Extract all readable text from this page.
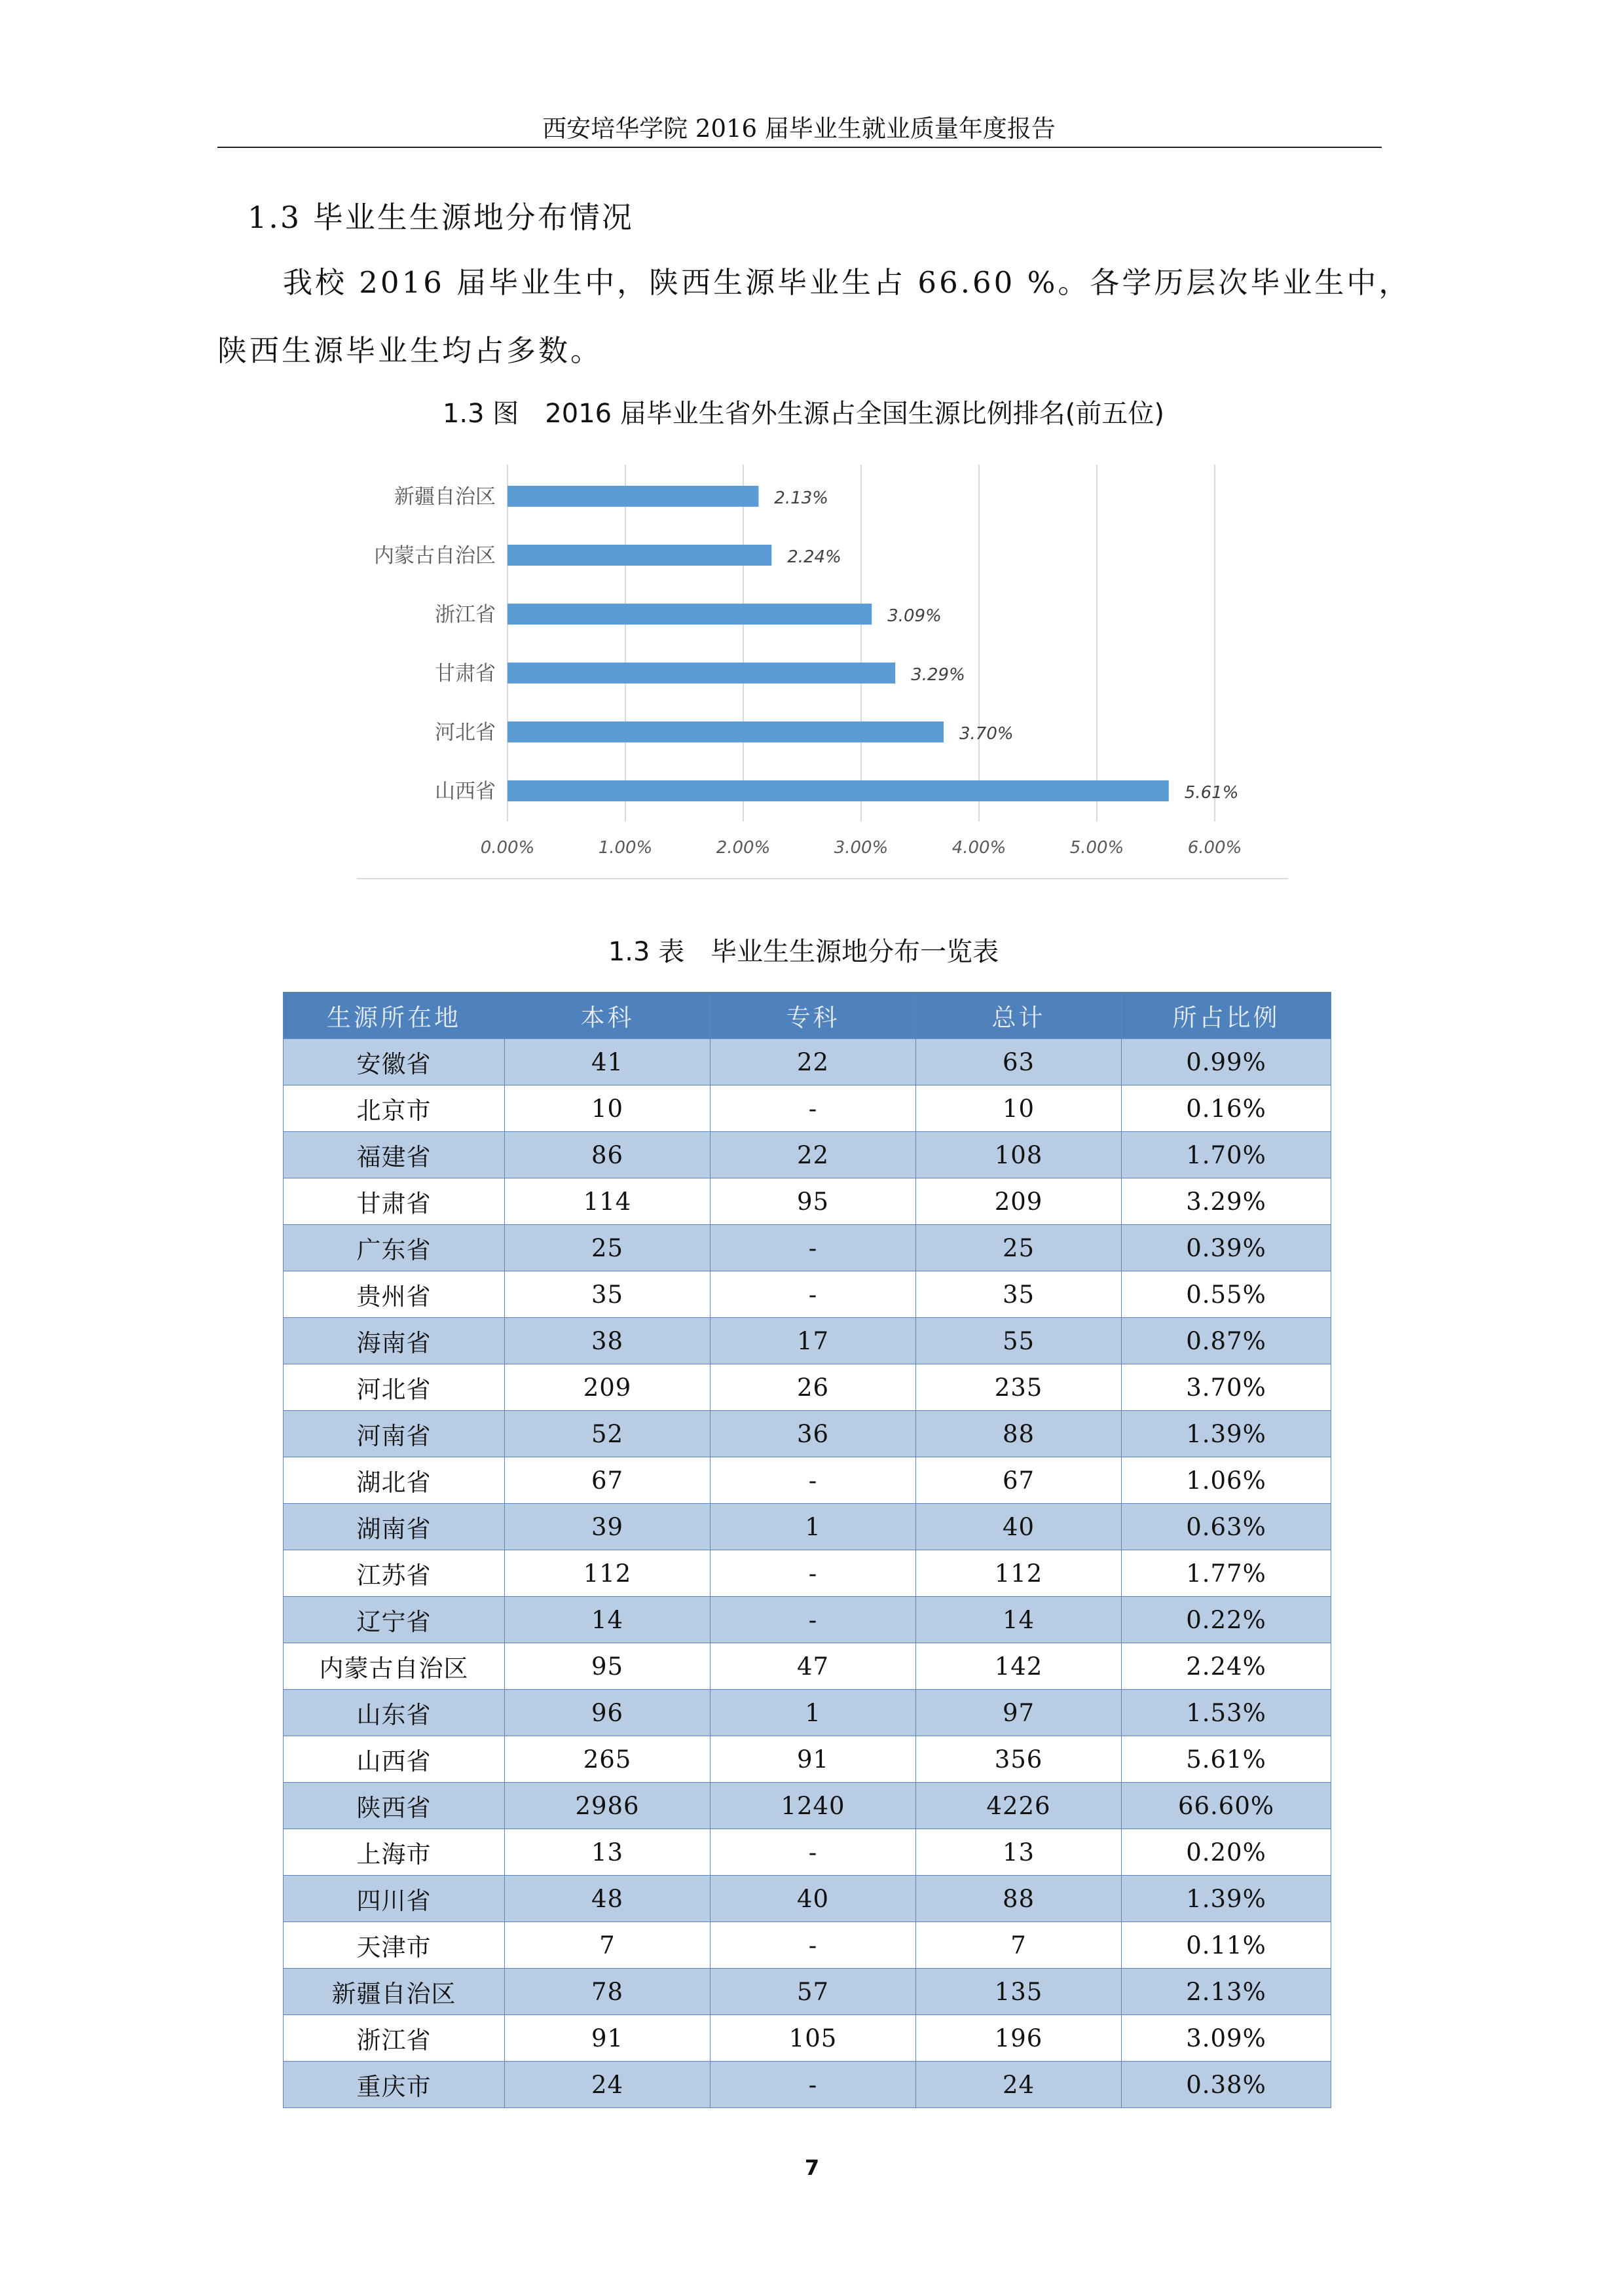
西安培华学院 2016 届毕业生就业质量年度报告
1.3 毕业生生源地分布情况
我校 2016 届毕业生中，陕西生源毕业生占 66.60 %。各学历层次毕业生中，
陕西生源毕业生均占多数。
1.3 图　2016 届毕业生省外生源占全国生源比例排名(前五位)
0.00%	1.00%	2.00%	3.00%	4.00%	5.00%	6.00%
新疆自治区	2.13%
内蒙古自治区	2.24%
浙江省	3.09%
甘肃省	3.29%
河北省	3.70%
山西省	5.61%
1.3 表　毕业生生源地分布一览表
生源所在地	本科	专科	总计	所占比例
安徽省	41	22	63	0.99%
北京市	10	-	10	0.16%
福建省	86	22	108	1.70%
甘肃省	114	95	209	3.29%
广东省	25	-	25	0.39%
贵州省	35	-	35	0.55%
海南省	38	17	55	0.87%
河北省	209	26	235	3.70%
河南省	52	36	88	1.39%
湖北省	67	-	67	1.06%
湖南省	39	1	40	0.63%
江苏省	112	-	112	1.77%
辽宁省	14	-	14	0.22%
内蒙古自治区	95	47	142	2.24%
山东省	96	1	97	1.53%
山西省	265	91	356	5.61%
陕西省	2986	1240	4226	66.60%
上海市	13	-	13	0.20%
四川省	48	40	88	1.39%
天津市	7	-	7	0.11%
新疆自治区	78	57	135	2.13%
浙江省	91	105	196	3.09%
重庆市	24	-	24	0.38%
7
